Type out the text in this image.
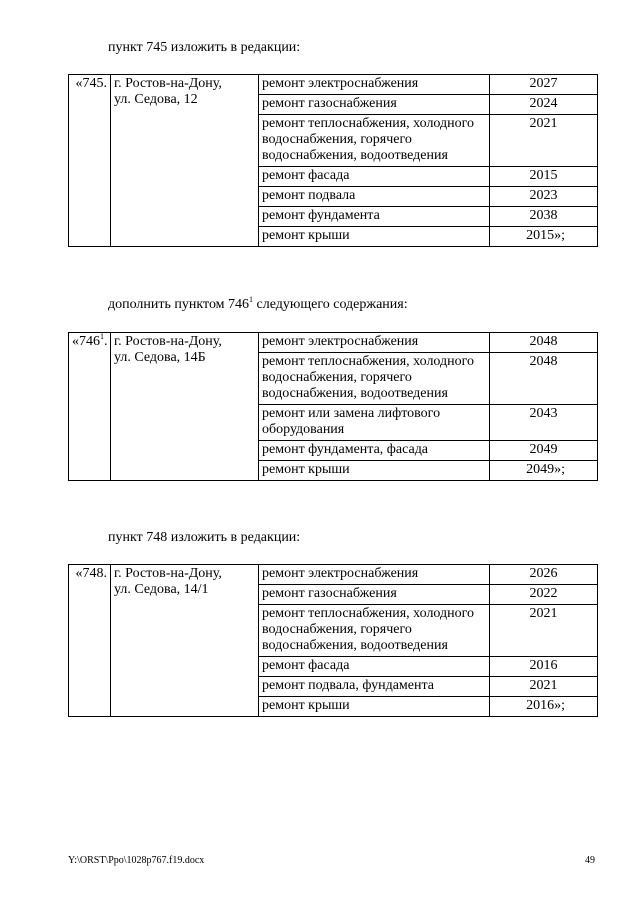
пункт 745 изложить в редакции:
«745.	г. Ростов-на-Дону,
ул. Седова, 12	ремонт электроснабжения	2027
		ремонт газоснабжения	2024
		ремонт теплоснабжения, холодного водоснабжения, горячего водоснабжения, водоотведения	2021
		ремонт фасада	2015
		ремонт подвала	2023
		ремонт фундамента	2038
		ремонт крыши	2015»;
дополнить пунктом $746^1$ следующего содержания:
«$746^1$.	г. Ростов-на-Дону,
ул. Седова, 14Б	ремонт электроснабжения	2048
		ремонт теплоснабжения, холодного водоснабжения, горячего водоснабжения, водоотведения	2048
		ремонт или замена лифтового оборудования	2043
		ремонт фундамента, фасада	2049
		ремонт крыши	2049»;
пункт 748 изложить в редакции:
«748.	г. Ростов-на-Дону,
ул. Седова, 14/1	ремонт электроснабжения	2026
		ремонт газоснабжения	2022
		ремонт теплоснабжения, холодного водоснабжения, горячего водоснабжения, водоотведения	2021
		ремонт фасада	2016
		ремонт подвала, фундамента	2021
		ремонт крыши	2016»;
Y:\ORST\Ppo\1028p767.f19.docx	49
